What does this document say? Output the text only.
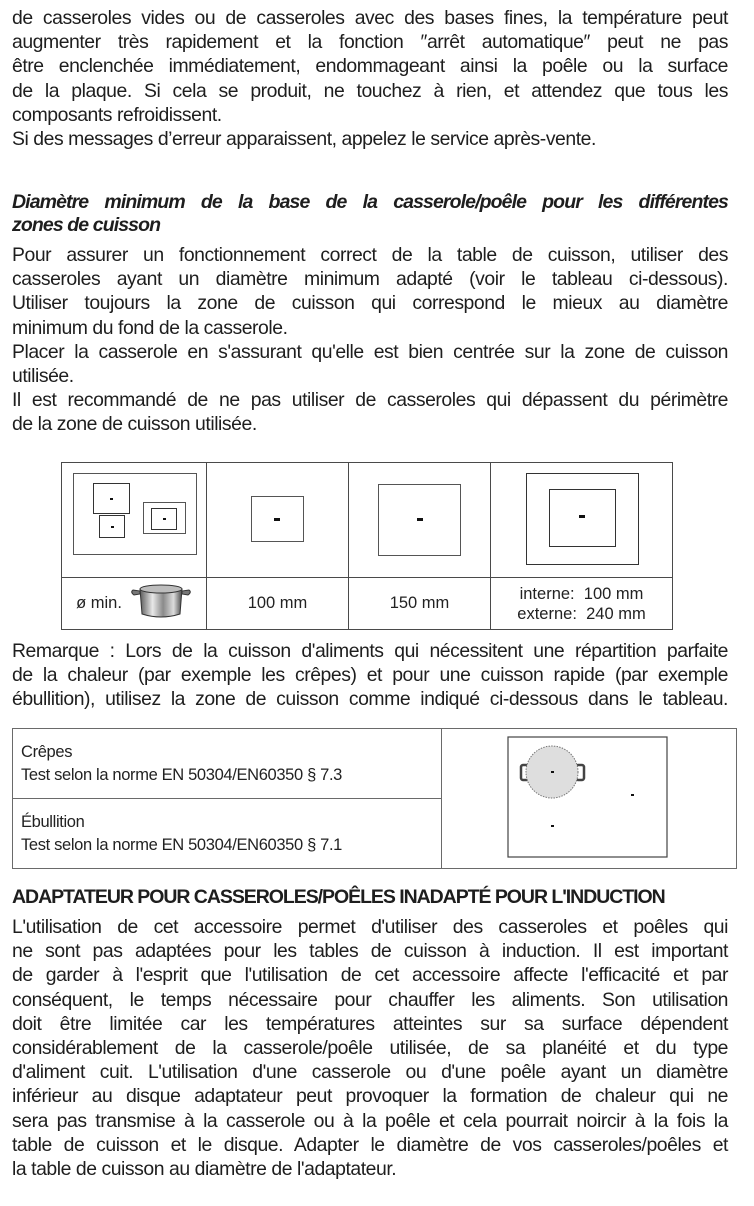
de casseroles vides ou de casseroles avec des bases fines, la température peut
augmenter très rapidement et la fonction ″arrêt automatique″ peut ne pas
être enclenchée immédiatement, endommageant ainsi la poêle ou la surface
de la plaque. Si cela se produit, ne touchez à rien, et attendez que tous les
composants refroidissent.
Si des messages d’erreur apparaissent, appelez le service après-vente.
Diamètre minimum de la base de la casserole/poêle pour les différentes
zones de cuisson
Pour assurer un fonctionnement correct de la table de cuisson, utiliser des
casseroles ayant un diamètre minimum adapté (voir le tableau ci-dessous).
Utiliser toujours la zone de cuisson qui correspond le mieux au diamètre
minimum du fond de la casserole.
Placer la casserole en s'assurant qu'elle est bien centrée sur la zone de cuisson
utilisée.
Il est recommandé de ne pas utiliser de casseroles qui dépassent du périmètre
de la zone de cuisson utilisée.

ø min.	100 mm	150 mm	interne:  100 mm
externe:  240 mm
Remarque : Lors de la cuisson d'aliments qui nécessitent une répartition parfaite
de la chaleur (par exemple les crêpes) et pour une cuisson rapide (par exemple
ébullition), utilisez la zone de cuisson comme indiqué ci-dessous dans le tableau.
Crêpes
Test selon la norme EN 50304/EN60350 § 7.3

Ébullition
Test selon la norme EN 50304/EN60350 § 7.1
ADAPTATEUR POUR CASSEROLES/POÊLES INADAPTÉ POUR L'INDUCTION
L'utilisation de cet accessoire permet d'utiliser des casseroles et poêles qui
ne sont pas adaptées pour les tables de cuisson à induction. Il est important
de garder à l'esprit que l'utilisation de cet accessoire affecte l'efficacité et par
conséquent, le temps nécessaire pour chauffer les aliments. Son utilisation
doit être limitée car les températures atteintes sur sa surface dépendent
considérablement de la casserole/poêle utilisée, de sa planéité et du type
d'aliment cuit. L'utilisation d'une casserole ou d'une poêle ayant un diamètre
inférieur au disque adaptateur peut provoquer la formation de chaleur qui ne
sera pas transmise à la casserole ou à la poêle et cela pourrait noircir à la fois la
table de cuisson et le disque. Adapter le diamètre de vos casseroles/poêles et
la table de cuisson au diamètre de l'adaptateur.
